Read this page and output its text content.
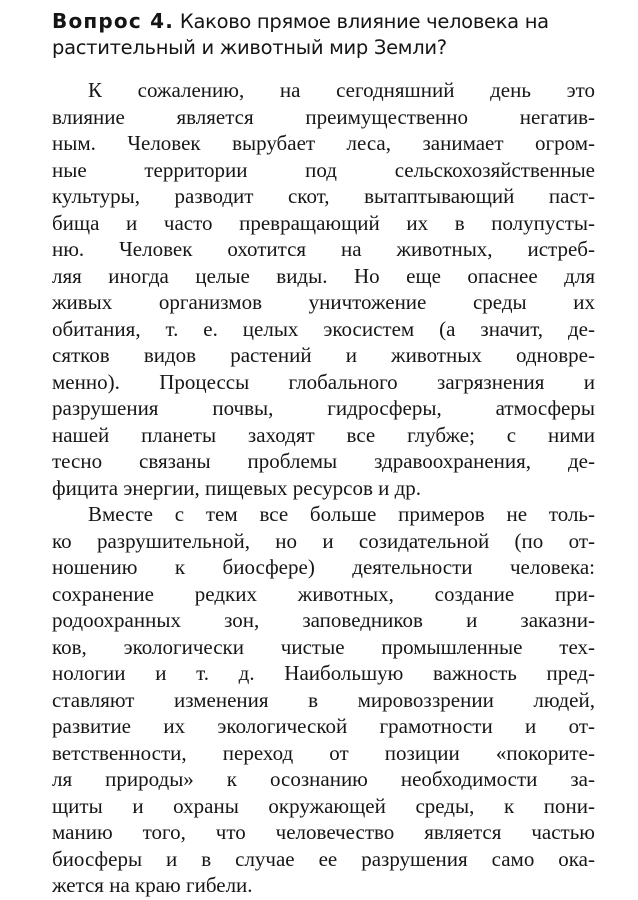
Вопрос 4. Каково прямое влияние человека на
растительный и животный мир Земли?
К сожалению, на сегодняшний день это
влияние является преимущественно негатив-
ным. Человек вырубает леса, занимает огром-
ные территории под сельскохозяйственные
культуры, разводит скот, вытаптывающий паст-
бища и часто превращающий их в полупусты-
ню. Человек охотится на животных, истреб-
ляя иногда целые виды. Но еще опаснее для
живых организмов уничтожение среды их
обитания, т. е. целых экосистем (а значит, де-
сятков видов растений и животных одновре-
менно). Процессы глобального загрязнения и
разрушения почвы, гидросферы, атмосферы
нашей планеты заходят все глубже; с ними
тесно связаны проблемы здравоохранения, де-
фицита энергии, пищевых ресурсов и др.
Вместе с тем все больше примеров не толь-
ко разрушительной, но и созидательной (по от-
ношению к биосфере) деятельности человека:
сохранение редких животных, создание при-
родоохранных зон, заповедников и заказни-
ков, экологически чистые промышленные тех-
нологии и т. д. Наибольшую важность пред-
ставляют изменения в мировоззрении людей,
развитие их экологической грамотности и от-
ветственности, переход от позиции «покорите-
ля природы» к осознанию необходимости за-
щиты и охраны окружающей среды, к пони-
манию того, что человечество является частью
биосферы и в случае ее разрушения само ока-
жется на краю гибели.
